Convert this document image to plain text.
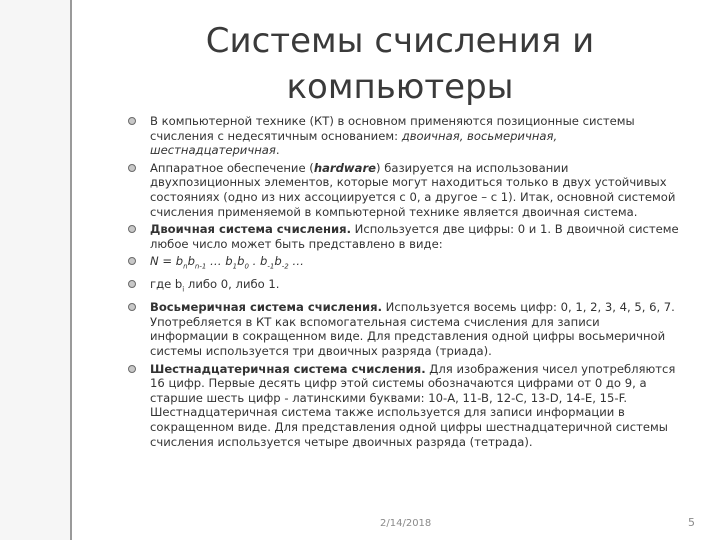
Системы счисления и
компьютеры
В компьютерной технике (КТ) в основном применяются позиционные системы счисления с недесятичным основанием: двоичная, восьмеричная, шестнадцатеричная.
Аппаратное обеспечение (hardware) базируется на использовании двухпозиционных элементов, которые могут находиться только в двух устойчивых состояниях (одно из них ассоциируется с 0, а другое – с 1). Итак, основной системой счисления применяемой в компьютерной технике является двоичная система.
Двоичная система счисления. Используется две цифры: 0 и 1. В двоичной системе любое число может быть представлено в виде:
$N = b_nb_{n-1}$ … $b_1b_0$ . $b_{-1}b_{-2}$ …
где $b_i$ либо 0, либо 1.
Восьмеричная система счисления. Используется восемь цифр: 0, 1, 2, 3, 4, 5, 6, 7. Употребляется в КТ как вспомогательная система счисления для записи информации в сокращенном виде. Для представления одной цифры восьмеричной системы используется три двоичных разряда (триада).
Шестнадцатеричная система счисления. Для изображения чисел употребляются 16 цифр. Первые десять цифр этой системы обозначаются цифрами от 0 до 9, а старшие шесть цифр - латинскими буквами: 10-A, 11-B, 12-C, 13-D, 14-E, 15-F. Шестнадцатеричная система также используется для записи информации в сокращенном виде. Для представления одной цифры шестнадцатеричной системы счисления используется четыре двоичных разряда (тетрада).
2/14/2018	5
